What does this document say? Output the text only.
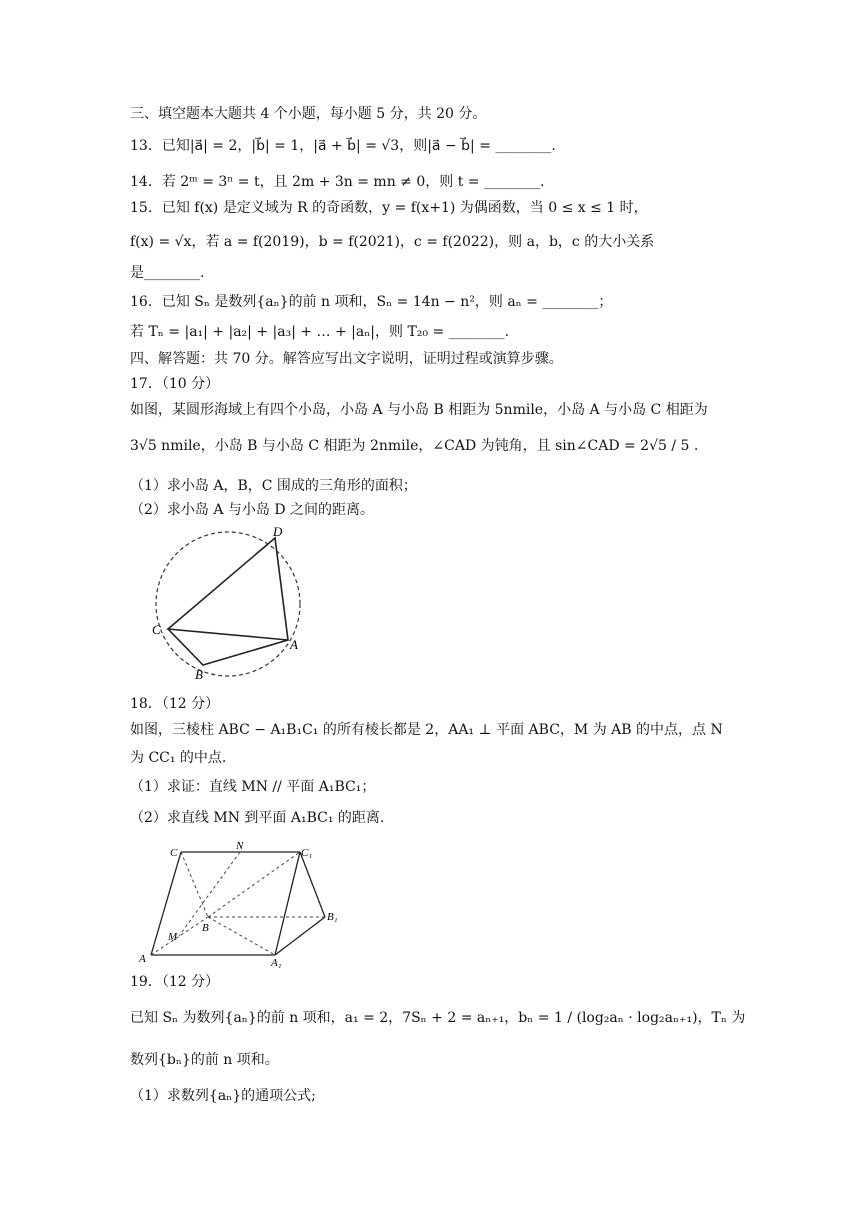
三、填空题本大题共 4 个小题，每小题 5 分，共 20 分。
13．已知|a⃗| = 2，|b⃗| = 1，|a⃗ + b⃗| = √3，则|a⃗ − b⃗| = ________.
14．若 2ᵐ = 3ⁿ = t，且 2m + 3n = mn ≠ 0，则 t = ________.
15．已知 f(x) 是定义域为 R 的奇函数，y = f(x+1) 为偶函数，当 0 ≤ x ≤ 1 时，
f(x) = √x，若 a = f(2019)，b = f(2021)，c = f(2022)，则 a，b，c 的大小关系
是________.
16．已知 Sₙ 是数列{aₙ}的前 n 项和，Sₙ = 14n − n²，则 aₙ = ________；
若 Tₙ = |a₁| + |a₂| + |a₃| + … + |aₙ|，则 T₂₀ = ________.
四、解答题：共 70 分。解答应写出文字说明，证明过程或演算步骤。
17．（10 分）
如图，某圆形海域上有四个小岛，小岛 A 与小岛 B 相距为 5nmile，小岛 A 与小岛 C 相距为
3√5 nmile，小岛 B 与小岛 C 相距为 2nmile，∠CAD 为钝角，且 sin∠CAD = 2√5 / 5 .
（1）求小岛 A，B，C 围成的三角形的面积；
（2）求小岛 A 与小岛 D 之间的距离。
D
C
A
B
18．（12 分）
如图，三棱柱 ABC − A₁B₁C₁ 的所有棱长都是 2，AA₁ ⊥ 平面 ABC，M 为 AB 的中点，点 N
为 CC₁ 的中点.
（1）求证：直线 MN // 平面 A₁BC₁；
（2）求直线 MN 到平面 A₁BC₁ 的距离.
C
N
C₁
B₁
M
B
A	A₁
19．（12 分）
已知 Sₙ 为数列{aₙ}的前 n 项和，a₁ = 2，7Sₙ + 2 = aₙ₊₁，bₙ = 1 / (log₂aₙ · log₂aₙ₊₁)，Tₙ 为
数列{bₙ}的前 n 项和。
（1）求数列{aₙ}的通项公式;
